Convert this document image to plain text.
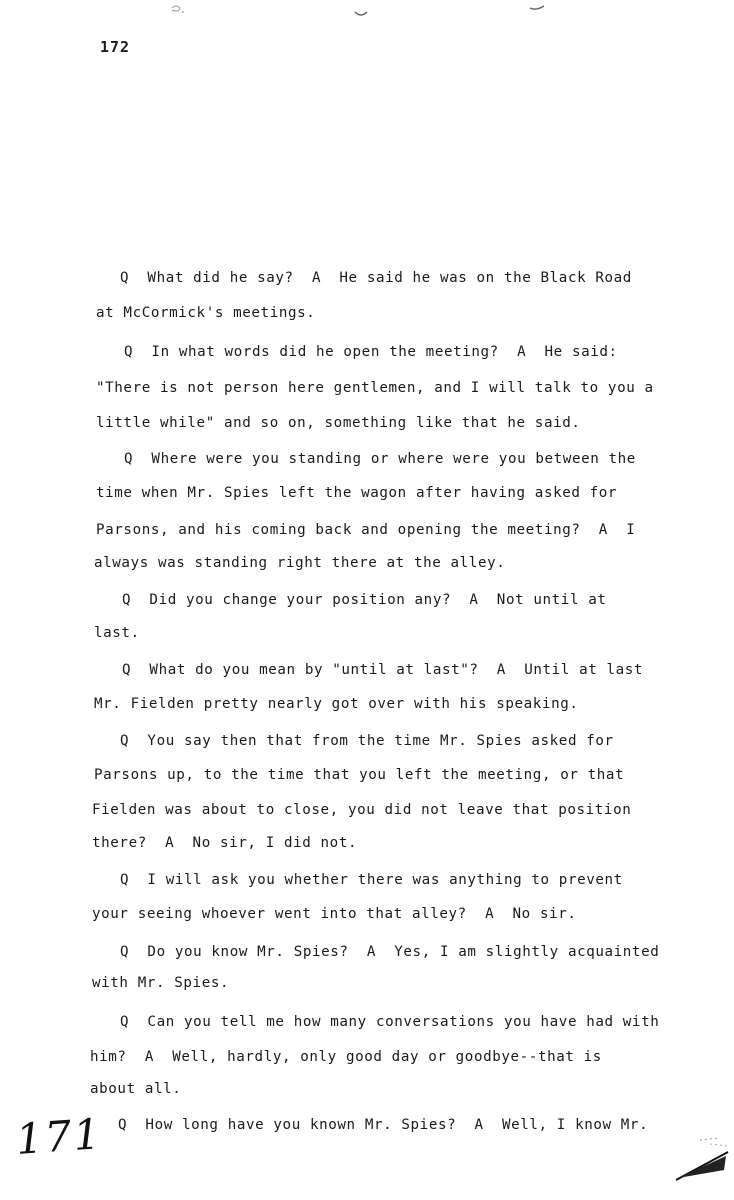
172
Q  What did he say?  A  He said he was on the Black Road
at McCormick's meetings.
Q  In what words did he open the meeting?  A  He said:
"There is not person here gentlemen, and I will talk to you a
little while" and so on, something like that he said.
Q  Where were you standing or where were you between the
time when Mr. Spies left the wagon after having asked for
Parsons, and his coming back and opening the meeting?  A  I
always was standing right there at the alley.
Q  Did you change your position any?  A  Not until at
last.
Q  What do you mean by "until at last"?  A  Until at last
Mr. Fielden pretty nearly got over with his speaking.
Q  You say then that from the time Mr. Spies asked for
Parsons up, to the time that you left the meeting, or that
Fielden was about to close, you did not leave that position
there?  A  No sir, I did not.
Q  I will ask you whether there was anything to prevent
your seeing whoever went into that alley?  A  No sir.
Q  Do you know Mr. Spies?  A  Yes, I am slightly acquainted
with Mr. Spies.
Q  Can you tell me how many conversations you have had with
him?  A  Well, hardly, only good day or goodbye--that is
about all.
Q  How long have you known Mr. Spies?  A  Well, I know Mr.
171
